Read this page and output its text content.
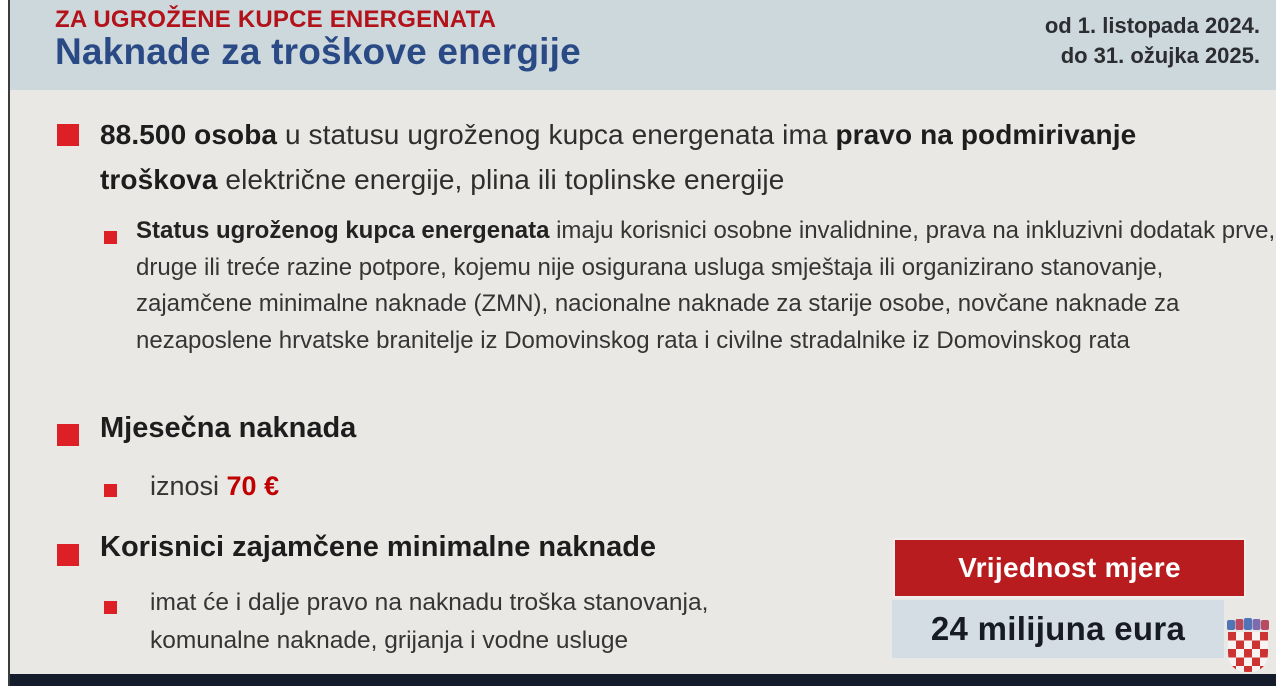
ZA UGROŽENE KUPCE ENERGENATA
Naknade za troškove energije
od 1. listopada 2024.
do 31. ožujka 2025.

88.500 osoba u statusu ugroženog kupca energenata ima pravo na podmirivanje troškova električne energije, plina ili toplinske energije

Status ugroženog kupca energenata imaju korisnici osobne invalidnine, prava na inkluzivni dodatak prve, druge ili treće razine potpore, kojemu nije osigurana usluga smještaja ili organizirano stanovanje, zajamčene minimalne naknade (ZMN), nacionalne naknade za starije osobe, novčane naknade za nezaposlene hrvatske branitelje iz Domovinskog rata i civilne stradalnike iz Domovinskog rata

Mjesečna naknada

iznosi 70 €

Korisnici zajamčene minimalne naknade

imat će i dalje pravo na naknadu troška stanovanja, komunalne naknade, grijanja i vodne usluge

Vrijednost mjere
24 milijuna eura
